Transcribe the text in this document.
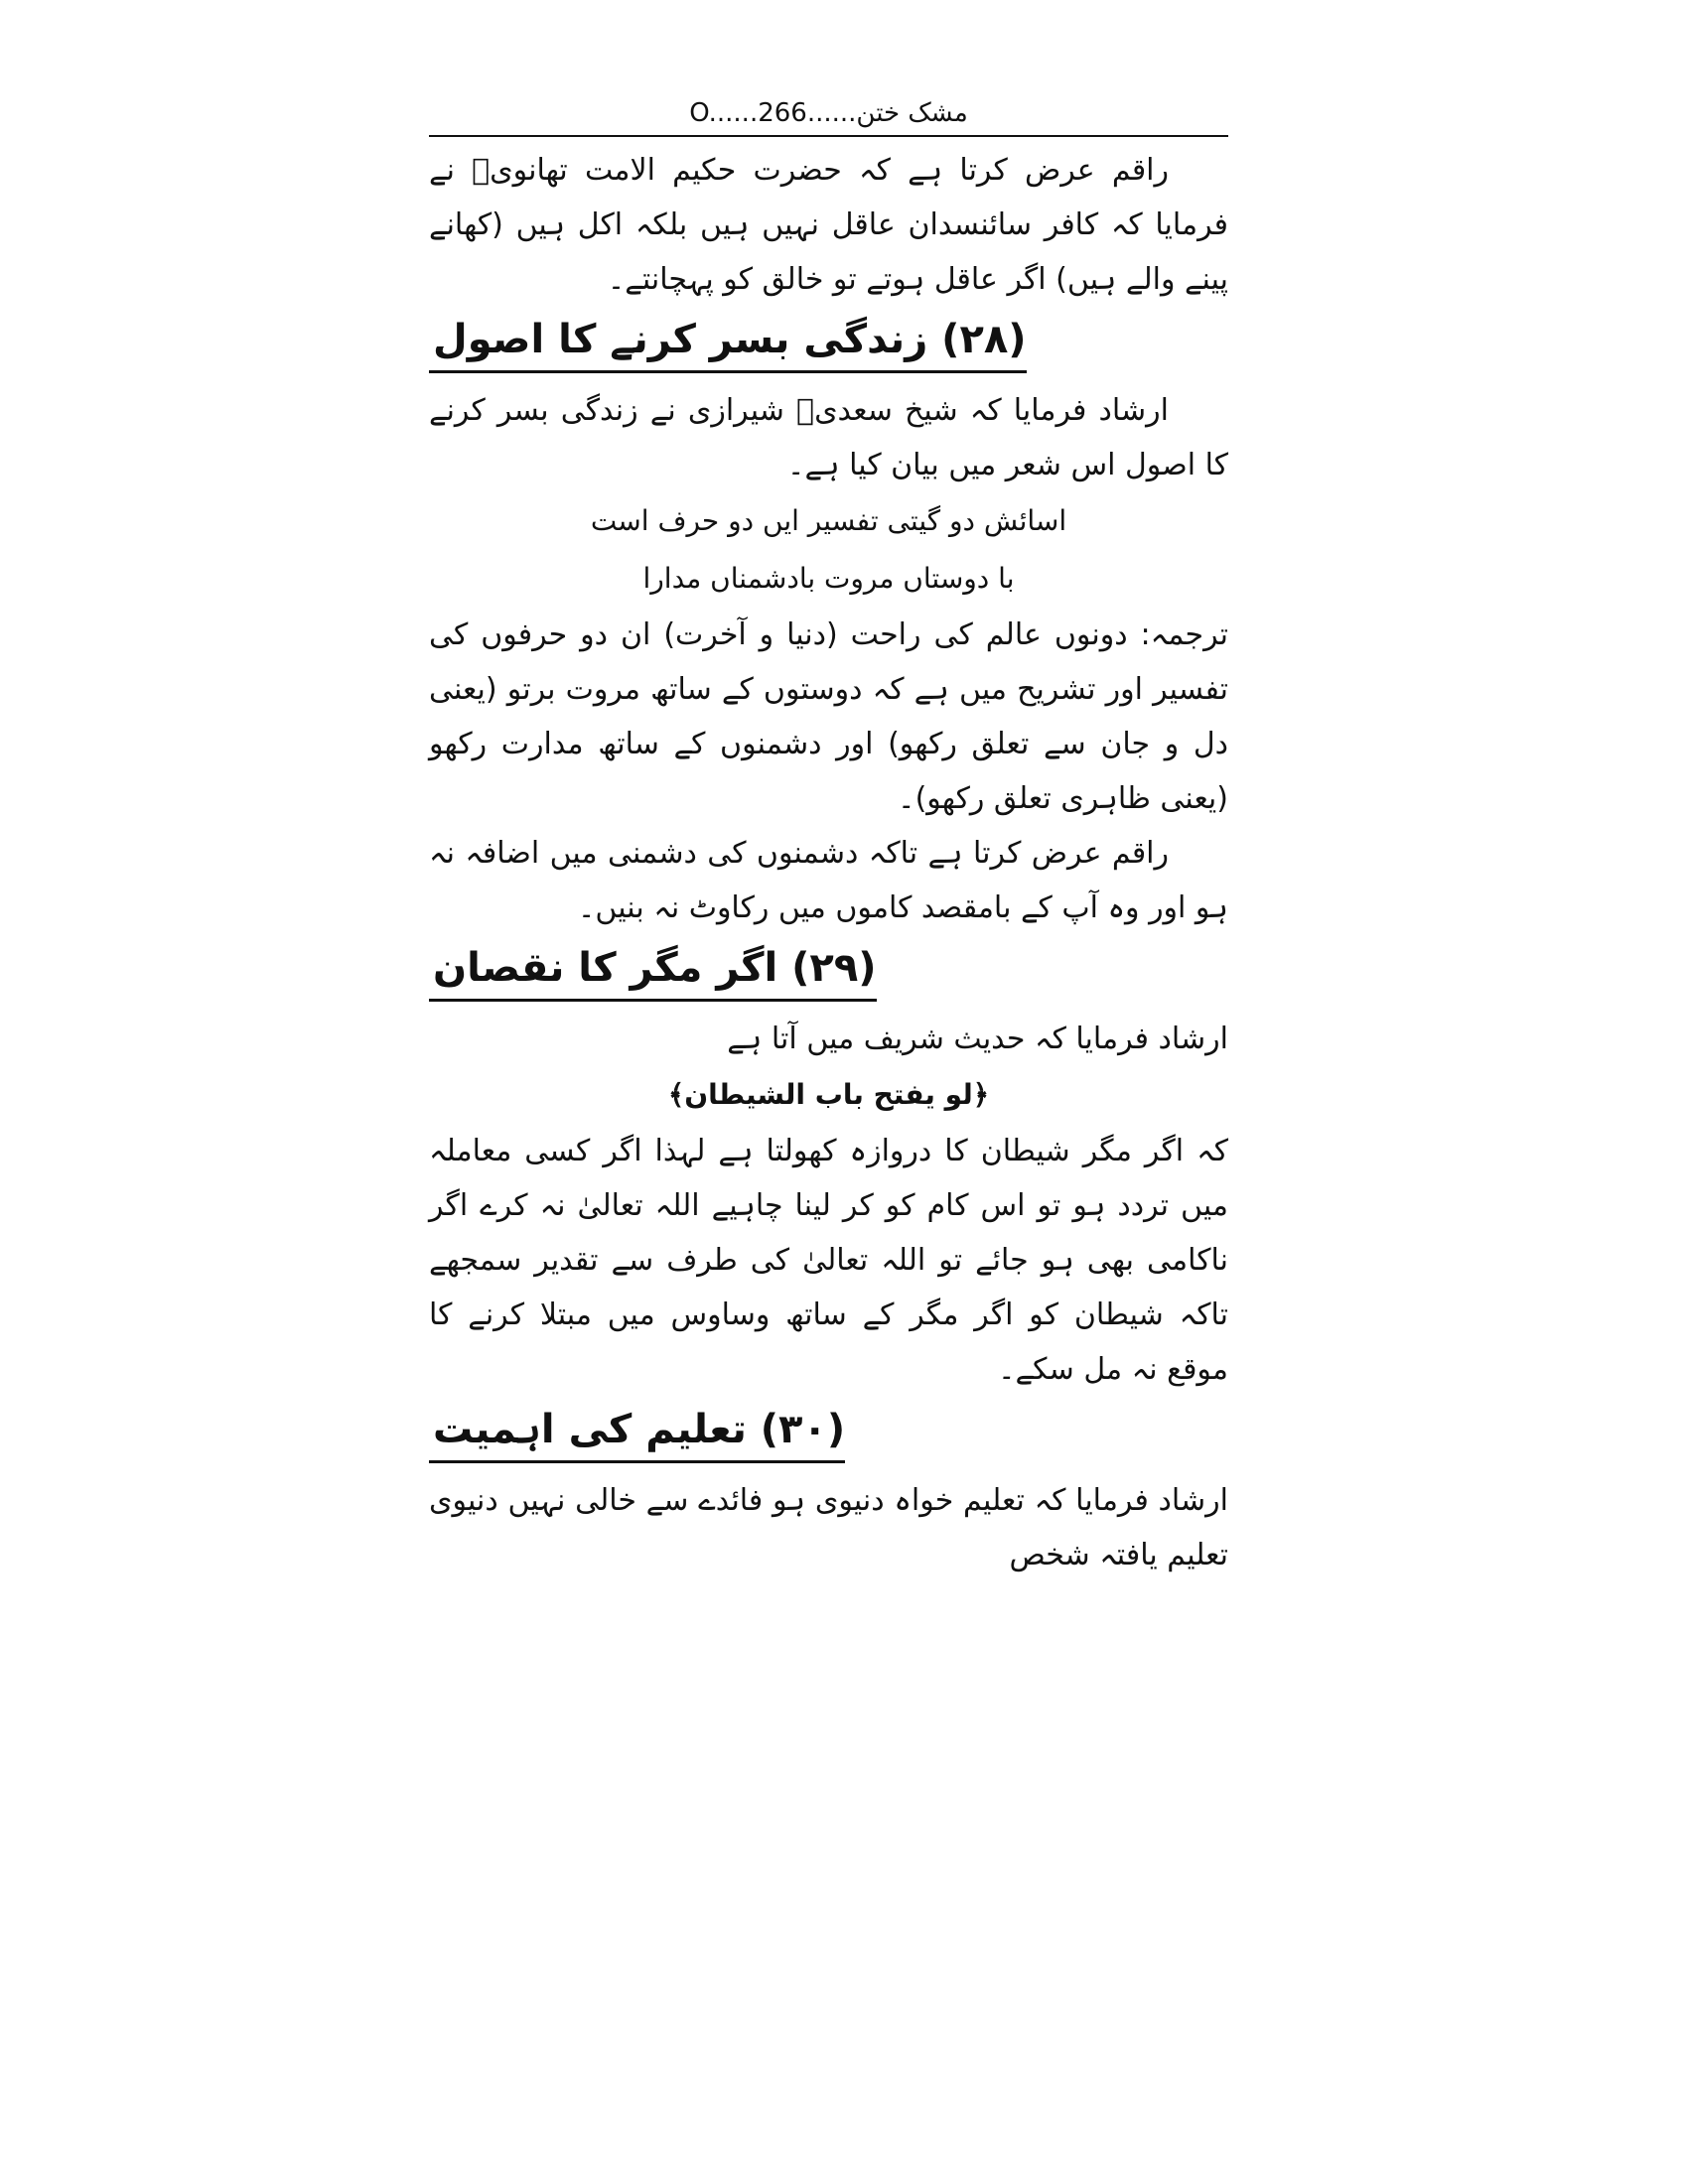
مشک ختن......O......266

راقم عرض کرتا ہے کہ حضرت حکیم الامت تھانویؒ نے فرمایا کہ کافر سائنسدان عاقل نہیں ہیں بلکہ اکل ہیں (کھانے پینے والے ہیں) اگر عاقل ہوتے تو خالق کو پہچانتے۔

(۲۸) زندگی بسر کرنے کا اصول

ارشاد فرمایا کہ شیخ سعدیؒ شیرازی نے زندگی بسر کرنے کا اصول اس شعر میں بیان کیا ہے۔

اسائش دو گیتی تفسیر ایں دو حرف است
با دوستاں مروت بادشمناں مدارا

ترجمہ: دونوں عالم کی راحت (دنیا و آخرت) ان دو حرفوں کی تفسیر اور تشریح میں ہے کہ دوستوں کے ساتھ مروت برتو (یعنی دل و جان سے تعلق رکھو) اور دشمنوں کے ساتھ مدارت رکھو (یعنی ظاہری تعلق رکھو)۔

راقم عرض کرتا ہے تاکہ دشمنوں کی دشمنی میں اضافہ نہ ہو اور وہ آپ کے بامقصد کاموں میں رکاوٹ نہ بنیں۔

(۲۹) اگر مگر کا نقصان

ارشاد فرمایا کہ حدیث شریف میں آتا ہے

﴿لو یفتح باب الشیطان﴾

کہ اگر مگر شیطان کا دروازہ کھولتا ہے لہذا اگر کسی معاملہ میں تردد ہو تو اس کام کو کر لینا چاہیے اللہ تعالیٰ نہ کرے اگر ناکامی بھی ہو جائے تو اللہ تعالیٰ کی طرف سے تقدیر سمجھے تاکہ شیطان کو اگر مگر کے ساتھ وساوس میں مبتلا کرنے کا موقع نہ مل سکے۔

(۳۰) تعلیم کی اہمیت

ارشاد فرمایا کہ تعلیم خواہ دنیوی ہو فائدے سے خالی نہیں دنیوی تعلیم یافتہ شخص
